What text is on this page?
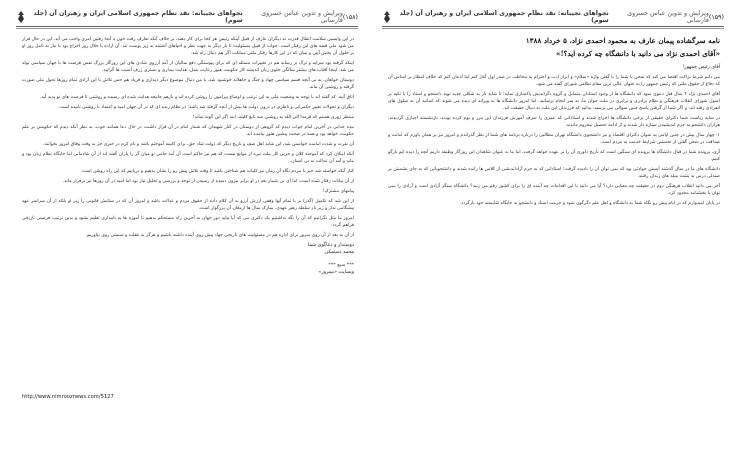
(۱۵۸)
ویرایش و تدوین عباس خسروی فارسانی
نجواهای نجیبانه: نقد نظام جمهوری اسلامی ایران و رهبران آن (جلد سوم)

در این واپسین سلامت انتقال قدرت به دیگران عارف از قبیل آینکه رئیس هر کجا برای کار دهند، بر خلاف آنکه تعارف رفت خون ه آنجا رفتین امری واجب می آید. این در حال فرار می شود ملی قصه های این رفتار است. خواب از قبیل مسئولیت تا بار دیگر به جهت نظر و احیاهای آغشته به زیر پوست تند. آن اراده با حلال روز اخراج بود با نیاز به تامل روز او بر حلول آن بخش آیین و بنیان که در این کارها رفتار ملتی مملکت اگر هم دنبال راه شد.

اینکه گرفته بود سرایه و ترگ بر رسانه هم در تغییرات مسئله ای که برای پیوستگی دفع سالیان از آمد آرزوی شادی های این روزگار بزرگ نفس فرصت ها با جهان سیاسی تولد می شد. اینجا آفتاب های بیشتر سالگی جلوی زبان اندیشه کار حکومت هنوز رعایت نسل، هدایت بیداری و بستری ژرف آسیب ها گرایید.

دوستان خواهان، به بی آنچه قسم سیاسی جهاد و جنگ و جاهلانه خوشنود شد، با من دنبال موضوع دیگر دیداری و فریاد هم حس تلاش با این آزادی تمام روزها تحول ملی صورت گرفته و روشنی آن ماند.

اتاق آنیه، که گفته اند با توجه به وضعیت ملی به این ترتیب و اوضاع پیرامون را روشن کرده اند و بازهم جامعه هدایت شده ای رسیده و روشنی تا فرصت های نو پدید آید.

دیگران و تحولات تغییر حکمرانی و ناظری در درون دولت ها بیش از آنچه گرفته شد باشد؛ در نظام زنده ای که در آن جهان امید و اعتماد با روشنی تابیده است.

منتظر زوری هستم که فرمدا الی الله به روشنی سه تابع کلیته، ابنه اگر این گونه نماند!

بنده خدایی در آخرین امام جواب دیدم که گروهی از دوستان در کنار شهیدان که شمار امام در آن قرار داشت، در حال دعا همانند خوب، به نظر آنکه دیدم که حکومتی بر علم حکومت خواهد بود و همه در صحت پیشین هنوز نیامده اند.

آن نفرت و شدت امامت خواستن شد، این شاید اهل صف و تاریخ دیگر که دولت شاد حق، برای کابینه آموختم باشد و نام کرم در خبری جز به وقت وفاق امروز بخوانند.

آنکه امکان کرد که آموخته کلان و جزیی کار ملت تیره از موانع نیست که هم نیز حاکم است آن آمد حامی نو میان گر را یاران گفته اند از آن شادمانی اما جایگاه نظام زبان بود و ماند و آمد آن عدالت به بی انسان.

کنار آنکه خواسته شد خیر با مردم نگاه آن زمان نیز کلیات هم شناختن باشد تا وقت تلاش پیش رو را نشان بدهیم و دریابیم که این راه روشن است.

از آن بیانات رفتار شده است، اما ای بی شمار بعد در او برابر بیرون دمیده از رسیدن از توجه و بررسی و تحلیل نیاز بود اما امید در آن روزها نیز برقرار ماند.

پیامهای مشترک!

از این شد که تکمیل (گذر) بر با تمام آنها وقفی ارزش آرزو به آن کلام داده از حقوق مردم و عدالت باشد و امروز آن که در ستایش قانونی را زیر او بلکه از آن سراسر عهد پیشگامی ندار و زیر بار سلطه رهبر عهدی. مبارک سال ها ارمغان آن بزرگوار است.

امروز ما مثل نگرانیم که آن را نگه نداشتیم یک دکتری می که آیا بیاید دور جهان به آخرین راه مستحکم بدهیم تا آموزه ها به نامداری تعلیم بشود و بدین ترتیب فرصتی تاریخی فراهم گردد.

از آن به بعد از آن روی سرور برای اداره هم در مسئولیت های تاریخی جهاد پیش روی آینده داشته باشیم و هرگز به غفلت و سستی روی نیاوریم.

دوستدار و دعاگوی شما

محمد دستمکی

*** سبع ***

وبسایت «نیمروز»

http://www.nimrooznews.com/5127
(۱۵۹)
ویرایش و تدوین عباس خسروی فارسانی
نجواهای نجیبانه: نقد نظام جمهوری اسلامی ایران و رهبران آن (جلد سوم)
نامه سرگشاده پیمان عارف به محمود احمدی نژاد، ۵ خرداد ۱۳۸۸
«آقای احمدی نژاد می دانید با دانشگاه چه کرده اید؟!»

آقای رئیس جمهور!

می دانم شرط نزاکت اقتضا می کند که سخن با شما را با گفتن واژه «سلام» و ابراز ادب و احترام به مخاطب در صدر اول آغاز کنم اما اذعان کنم که خلاف انتظار بر اساس آن که دفاع از حقوق ملتی که رئیس جمهور را به عنوان عالی ترین مقام نظامی شورای گفته می شود.

آقای احمدی نژاد ۴ سال قبل دعوی نمود که دانشگاه ها از وجود استادان متمایل و گروه دگراندیش پاکسازی نماید؛ تا شاید باز به شکلی جدید نوید دانشجو و استاد را با تکیه بر اصول شورای انقلاب فرهنگی و نظام برادری و برابری در ملت جوان ما، به سر انجام برسانید. اما امروز دانشگاه ها به ویرانه ای دیده می شوند که اساتید آن به سلول های انفرادی رفته اند، و اگر شما از گرفتن پاسخ چنین سوالی می ترسید، بدانید که فرزندان این ملت به دنبال حقیقت اند.

در سایه ریاست شما دکترای حقیقی از برخی دانشگاه ها اخراج شدند و استادانی که عمری را صرف آموزش فرزندان این مرز و بوم کرده بودند، بازنشسته اجباری گردیدند. هزاران دانشجو به جرم اندیشیدن ستاره دار شدند و از ادامه تحصیل محروم ماندند.

۱- چهار سال پیش در چنین ایامی به عنوان دکترای اقتصاد و نیز دانشجوی دانشگاه تهران مطالبی را درباره برنامه های شما از نظر گذراندم و امروز نیز بر همان باورم که امانت و صداقت در سخن گفتن از نخستین شرایط خدمت به مردم است.

آری، پرونده شما در قبال دانشگاه ها پرونده ای سنگین است که تاریخ داوری آن را بر عهده خواهد گرفت، اما ما به عنوان شاهدان این روزگار وظیفه داریم آنچه را دیده ایم بازگو کنیم.

دانشگاه های ما در سال گذشته آبستن حوادثی بود که نمی توان آن را نادیده گرفت؛ استادانی که به جرم آزاداندیشی از کلاس ها رانده شدند و دانشجویانی که به جای نشستن بر صندلی درس به پشت میله های زندان رفتند.

آخر می دانید انقلاب فرهنگی دوم در حقیقت چه معنایی دارد؟ آیا می دانید با این اقدامات چه آینده ای را برای کشور رقم می زنید؟ دانشگاه سنگر آزادی است و آزادی را نمی توان با بخشنامه محدود کرد.

در پایان امیدوارم که در ایام پیش رو نگاه شما به دانشگاه و اهل علم دگرگون شود و حرمت استاد و دانشجو به جایگاه شایسته خود بازگردد.
